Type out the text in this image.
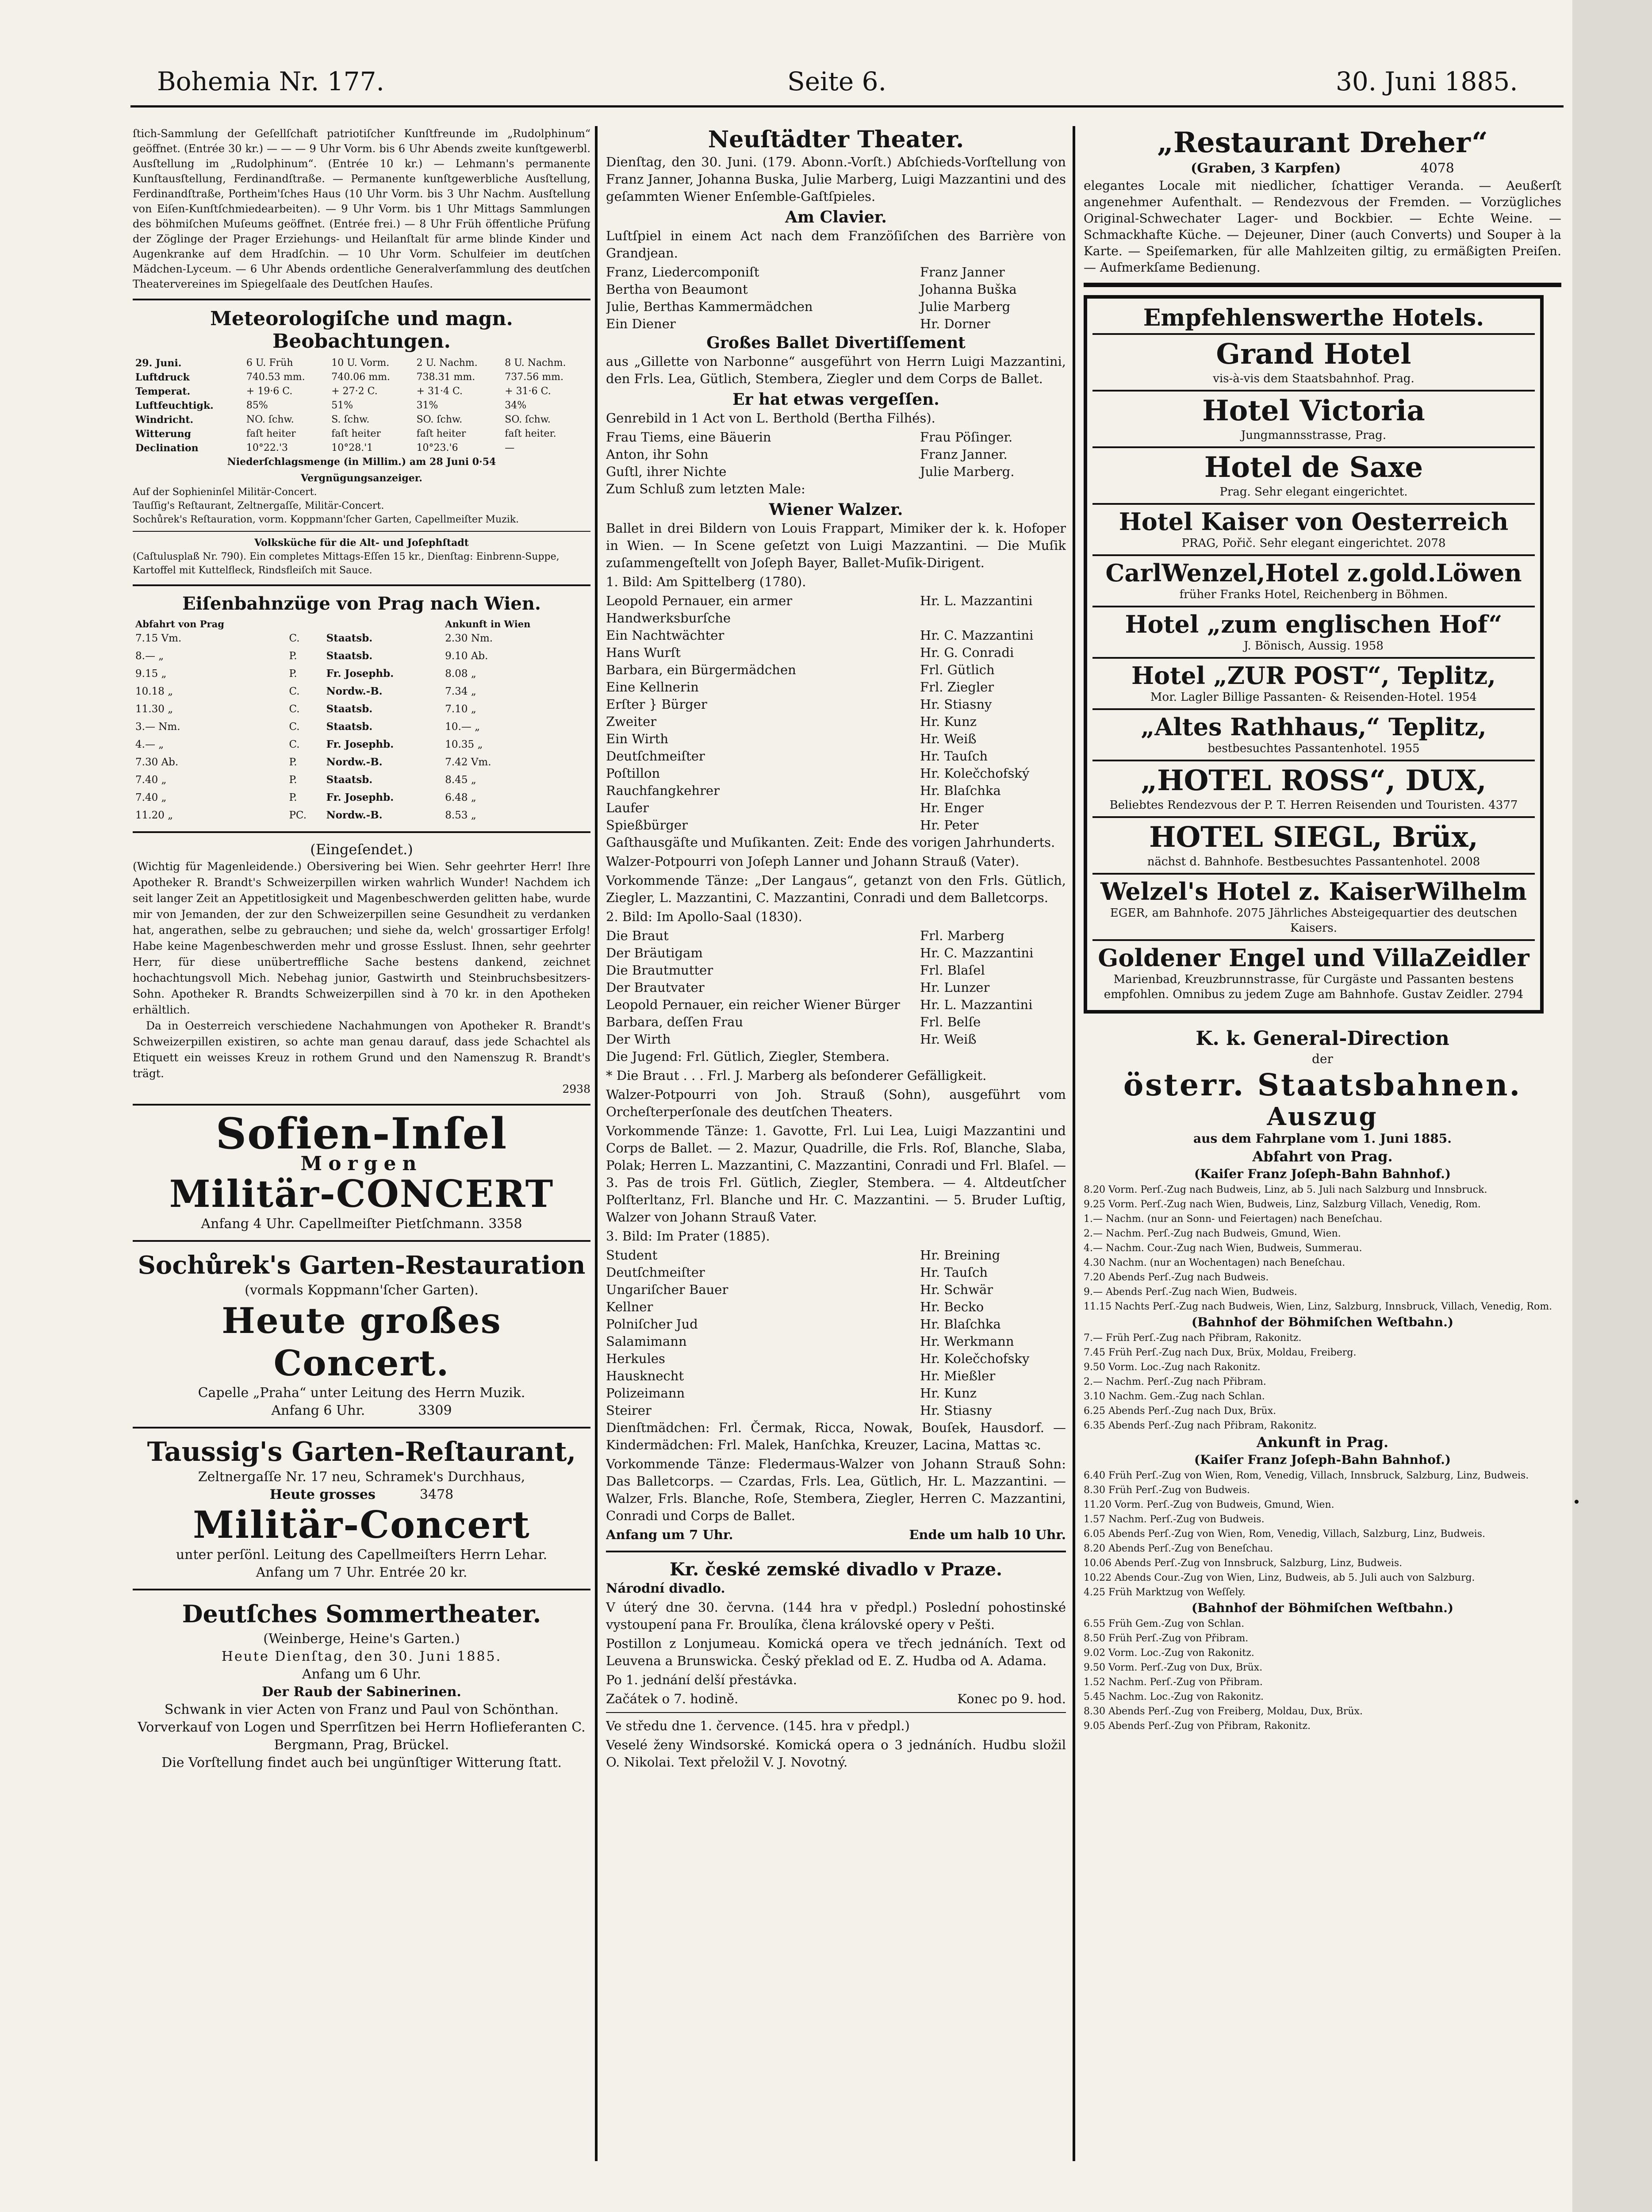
Bohemia Nr. 177.	Seite 6.	30. Juni 1885.
ſtich-Sammlung der Geſellſchaft patriotiſcher Kunſtfreunde im „Rudolphinum“ geöffnet. (Entrée 30 kr.) — — — 9 Uhr Vorm. bis 6 Uhr Abends zweite kunſtgewerbl. Ausſtellung im „Rudolphinum“. (Entrée 10 kr.) — Lehmann's permanente Kunſtausſtellung, Ferdinandſtraße. — Permanente kunſtgewerbliche Ausſtellung, Ferdinandſtraße, Portheim'ſches Haus (10 Uhr Vorm. bis 3 Uhr Nachm. Ausſtellung von Eiſen-Kunſtſchmiedearbeiten). — 9 Uhr Vorm. bis 1 Uhr Mittags Sammlungen des böhmiſchen Muſeums geöffnet. (Entrée frei.) — 8 Uhr Früh öffentliche Prüfung der Zöglinge der Prager Erziehungs- und Heilanſtalt für arme blinde Kinder und Augenkranke auf dem Hradſchin. — 10 Uhr Vorm. Schulfeier im deutſchen Mädchen-Lyceum. — 6 Uhr Abends ordentliche Generalverſammlung des deutſchen Theatervereines im Spiegelſaale des Deutſchen Hauſes.
Meteorologiſche und magn. Beobachtungen.
29. Juni.	6 U. Früh	10 U. Vorm.	2 U. Nachm.	8 U. Nachm.
Luftdruck	740.53 mm.	740.06 mm.	738.31 mm.	737.56 mm.
Temperat.	+ 19·6 C.	+ 27·2 C.	+ 31·4 C.	+ 31·6 C.
Luftfeuchtigk.	85%	51%	31%	34%
Windricht.	NO. ſchw.	S. ſchw.	SO. ſchw.	SO. ſchw.
Witterung	faſt heiter	faſt heiter	faſt heiter	faſt heiter.
Declination	10°22.'3	10°28.'1	10°23.'6	—
Niederſchlagsmenge (in Millim.) am 28 Juni 0·54
Vergnügungsanzeiger.
Auf der Sophieninſel Militär-Concert.
Tauſſig's Reſtaurant, Zeltnergaſſe, Militär-Concert.
Sochůrek's Reſtauration, vorm. Koppmann'ſcher Garten, Capellmeiſter Muzik.
Volksküche für die Alt- und Joſephſtadt
(Caſtulusplaß Nr. 790). Ein completes Mittags-Eſſen 15 kr., Dienſtag: Einbrenn-Suppe, Kartoffel mit Kuttelfleck, Rindsfleiſch mit Sauce.
Eiſenbahnzüge von Prag nach Wien.
Abfahrt von Prag			Ankunft in Wien
7.15 Vm.	C.	Staatsb.	2.30 Nm.
8.— „	P.	Staatsb.	9.10 Ab.
9.15 „	P.	Fr. Josephb.	8.08 „
10.18 „	C.	Nordw.-B.	7.34 „
11.30 „	C.	Staatsb.	7.10 „
3.— Nm.	C.	Staatsb.	10.— „
4.— „	C.	Fr. Josephb.	10.35 „
7.30 Ab.	P.	Nordw.-B.	7.42 Vm.
7.40 „	P.	Staatsb.	8.45 „
7.40 „	P.	Fr. Josephb.	6.48 „
11.20 „	PC.	Nordw.-B.	8.53 „
(Eingeſendet.)
(Wichtig für Magenleidende.) Obersivering bei Wien. Sehr geehrter Herr! Ihre Apotheker R. Brandt's Schweizerpillen wirken wahrlich Wunder! Nachdem ich seit langer Zeit an Appetitlosigkeit und Magenbeschwerden gelitten habe, wurde mir von Jemanden, der zur den Schweizerpillen seine Gesundheit zu verdanken hat, angerathen, selbe zu gebrauchen; und siehe da, welch' grossartiger Erfolg! Habe keine Magenbeschwerden mehr und grosse Esslust. Ihnen, sehr geehrter Herr, für diese unübertreffliche Sache bestens dankend, zeichnet hochachtungsvoll Mich. Nebehag junior, Gastwirth und Steinbruchsbesitzers-Sohn. Apotheker R. Brandts Schweizerpillen sind à 70 kr. in den Apotheken erhältlich.
Da in Oesterreich verschiedene Nachahmungen von Apotheker R. Brandt's Schweizerpillen existiren, so achte man genau darauf, dass jede Schachtel als Etiquett ein weisses Kreuz in rothem Grund und den Namenszug R. Brandt's trägt.
2938
Sofien-Inſel
Morgen
Militär-CONCERT
Anfang 4 Uhr. Capellmeiſter Pietſchmann. 3358
Sochůrek's Garten-Restauration
(vormals Koppmann'ſcher Garten).
Heute großes Concert.
Capelle „Praha“ unter Leitung des Herrn Muzik.
Anfang 6 Uhr.	3309
Taussig's Garten-Reſtaurant,
Zeltnergaſſe Nr. 17 neu, Schramek's Durchhaus,
Heute grosses	3478
Militär-Concert
unter perſönl. Leitung des Capellmeiſters Herrn Lehar.
Anfang um 7 Uhr. Entrée 20 kr.
Deutſches Sommertheater.
(Weinberge, Heine's Garten.)
Heute Dienſtag, den 30. Juni 1885.
Anfang um 6 Uhr.
Der Raub der Sabinerinen.
Schwank in vier Acten von Franz und Paul von Schönthan.
Vorverkauf von Logen und Sperrſitzen bei Herrn Hoflieferanten C. Bergmann, Prag, Brückel.
Die Vorſtellung findet auch bei ungünſtiger Witterung ſtatt.
Neuſtädter Theater.
Dienſtag, den 30. Juni. (179. Abonn.-Vorſt.) Abſchieds-Vorſtellung von Franz Janner, Johanna Buska, Julie Marberg, Luigi Mazzantini und des geſammten Wiener Enſemble-Gaſtſpieles.
Am Clavier.
Luſtſpiel in einem Act nach dem Franzöſiſchen des Barrière von Grandjean.
Franz, Liedercomponiſt	Franz Janner
Bertha von Beaumont	Johanna Buška
Julie, Berthas Kammermädchen	Julie Marberg
Ein Diener	Hr. Dorner
Großes Ballet Divertiſſement
aus „Gillette von Narbonne“ ausgeführt von Herrn Luigi Mazzantini, den Frls. Lea, Gütlich, Stembera, Ziegler und dem Corps de Ballet.
Er hat etwas vergeſſen.
Genrebild in 1 Act von L. Berthold (Bertha Filhés).
Frau Tiems, eine Bäuerin	Frau Pöſinger.
Anton, ihr Sohn	Franz Janner.
Guſtl, ihrer Nichte	Julie Marberg.
Zum Schluß zum letzten Male:
Wiener Walzer.
Ballet in drei Bildern von Louis Frappart, Mimiker der k. k. Hofoper in Wien. — In Scene geſetzt von Luigi Mazzantini. — Die Muſik zuſammengeſtellt von Joſeph Bayer, Ballet-Muſik-Dirigent.
1. Bild: Am Spittelberg (1780).
Leopold Pernauer, ein armer Handwerksburſche
Hr. L. Mazzantini
Ein Nachtwächter	Hr. C. Mazzantini
Hans Wurſt	Hr. G. Conradi
Barbara, ein Bürgermädchen	Frl. Gütlich
Eine Kellnerin	Frl. Ziegler
Erſter } Bürger	Hr. Stiasny
Zweiter	Hr. Kunz
Ein Wirth	Hr. Weiß
Deutſchmeiſter	Hr. Tauſch
Poſtillon	Hr. Kolečchofský
Rauchfangkehrer	Hr. Blaſchka
Laufer	Hr. Enger
Spießbürger	Hr. Peter
Gaſthausgäſte und Muſikanten. Zeit: Ende des vorigen Jahrhunderts.
Walzer-Potpourri von Joſeph Lanner und Johann Strauß (Vater).
Vorkommende Tänze: „Der Langaus“, getanzt von den Frls. Gütlich, Ziegler, L. Mazzantini, C. Mazzantini, Conradi und dem Balletcorps.
2. Bild: Im Apollo-Saal (1830).
Die Braut	Frl. Marberg
Der Bräutigam	Hr. C. Mazzantini
Die Brautmutter	Frl. Blaſel
Der Brautvater	Hr. Lunzer
Leopold Pernauer, ein reicher Wiener Bürger	Hr. L. Mazzantini
Barbara, deſſen Frau	Frl. Belſe
Der Wirth	Hr. Weiß
Die Jugend: Frl. Gütlich, Ziegler, Stembera.
* Die Braut . . . Frl. J. Marberg als beſonderer Gefälligkeit.
Walzer-Potpourri von Joh. Strauß (Sohn), ausgeführt vom Orcheſterperſonale des deutſchen Theaters.
Vorkommende Tänze: 1. Gavotte, Frl. Lui Lea, Luigi Mazzantini und Corps de Ballet. — 2. Mazur, Quadrille, die Frls. Roſ, Blanche, Slaba, Polak; Herren L. Mazzantini, C. Mazzantini, Conradi und Frl. Blaſel. — 3. Pas de trois Frl. Gütlich, Ziegler, Stembera. — 4. Altdeutſcher Polſterltanz, Frl. Blanche und Hr. C. Mazzantini. — 5. Bruder Luſtig, Walzer von Johann Strauß Vater.
3. Bild: Im Prater (1885).
Student	Hr. Breining
Deutſchmeiſter	Hr. Tauſch
Ungariſcher Bauer	Hr. Schwär
Kellner	Hr. Becko
Polniſcher Jud	Hr. Blaſchka
Salamimann	Hr. Werkmann
Herkules	Hr. Kolečchofsky
Hausknecht	Hr. Mießler
Polizeimann	Hr. Kunz
Steirer	Hr. Stiasny
Dienſtmädchen: Frl. Čermak, Ricca, Nowak, Bouſek, Hausdorf. — Kindermädchen: Frl. Malek, Hanſchka, Kreuzer, Lacina, Mattas ꝛc.
Vorkommende Tänze: Fledermaus-Walzer von Johann Strauß Sohn: Das Balletcorps. — Czardas, Frls. Lea, Gütlich, Hr. L. Mazzantini. — Walzer, Frls. Blanche, Roſe, Stembera, Ziegler, Herren C. Mazzantini, Conradi und Corps de Ballet.
Anfang um 7 Uhr.	Ende um halb 10 Uhr.
Kr. české zemské divadlo v Praze.
Národní divadlo.
V úterý dne 30. června. (144 hra v předpl.) Poslední pohostinské vystoupení pana Fr. Broulíka, člena královské opery v Pešti.
Postillon z Lonjumeau. Komická opera ve třech jednáních. Text od Leuvena a Brunswicka. Český překlad od E. Z. Hudba od A. Adama.
Po 1. jednání delší přestávka.
Začátek o 7. hodině.	Konec po 9. hod.
Ve středu dne 1. července. (145. hra v předpl.)
Veselé ženy Windsorské. Komická opera o 3 jednáních. Hudbu složil O. Nikolai. Text přeložil V. J. Novotný.
„Restaurant Dreher“
(Graben, 3 Karpfen)	4078
elegantes Locale mit niedlicher, ſchattiger Veranda. — Aeußerſt angenehmer Aufenthalt. — Rendezvous der Fremden. — Vorzügliches Original-Schwechater Lager- und Bockbier. — Echte Weine. — Schmackhafte Küche. — Dejeuner, Diner (auch Converts) und Souper à la Karte. — Speiſemarken, für alle Mahlzeiten giltig, zu ermäßigten Preiſen. — Aufmerkſame Bedienung.
Empfehlenswerthe Hotels.
Grand Hotel
vis-à-vis dem Staatsbahnhof. Prag.
Hotel Victoria
Jungmannsstrasse, Prag.
Hotel de Saxe
Prag. Sehr elegant eingerichtet.
Hotel Kaiser von Oesterreich
PRAG, Pořič. Sehr elegant eingerichtet. 2078
CarlWenzel,Hotel z.gold.Löwen
früher Franks Hotel, Reichenberg in Böhmen.
Hotel „zum englischen Hof“
J. Bönisch, Aussig. 1958
Hotel „ZUR POST“, Teplitz,
Mor. Lagler Billige Passanten- & Reisenden-Hotel. 1954
„Altes Rathhaus,“ Teplitz,
bestbesuchtes Passantenhotel. 1955
„HOTEL ROSS“, DUX,
Beliebtes Rendezvous der P. T. Herren Reisenden und Touristen. 4377
HOTEL SIEGL, Brüx,
nächst d. Bahnhofe. Bestbesuchtes Passantenhotel. 2008
Welzel's Hotel z. KaiserWilhelm
EGER, am Bahnhofe. 2075 Jährliches Absteigequartier des deutschen Kaisers.
Goldener Engel und VillaZeidler
Marienbad, Kreuzbrunnstrasse, für Curgäste und Passanten bestens empfohlen. Omnibus zu jedem Zuge am Bahnhofe. Gustav Zeidler. 2794
K. k. General-Direction
der
österr. Staatsbahnen.
Auszug
aus dem Fahrplane vom 1. Juni 1885.
Abfahrt von Prag.
(Kaiſer Franz Joſeph-Bahn Bahnhof.)
8.20 Vorm. Perſ.-Zug nach Budweis, Linz, ab 5. Juli nach Salzburg und Innsbruck.
9.25 Vorm. Perſ.-Zug nach Wien, Budweis, Linz, Salzburg Villach, Venedig, Rom.
1.— Nachm. (nur an Sonn- und Feiertagen) nach Beneſchau.
2.— Nachm. Perſ.-Zug nach Budweis, Gmund, Wien.
4.— Nachm. Cour.-Zug nach Wien, Budweis, Summerau.
4.30 Nachm. (nur an Wochentagen) nach Beneſchau.
7.20 Abends Perſ.-Zug nach Budweis.
9.— Abends Perſ.-Zug nach Wien, Budweis.
11.15 Nachts Perſ.-Zug nach Budweis, Wien, Linz, Salzburg, Innsbruck, Villach, Venedig, Rom.
(Bahnhof der Böhmiſchen Weſtbahn.)
7.— Früh Perſ.-Zug nach Přibram, Rakonitz.
7.45 Früh Perſ.-Zug nach Dux, Brüx, Moldau, Freiberg.
9.50 Vorm. Loc.-Zug nach Rakonitz.
2.— Nachm. Perſ.-Zug nach Přibram.
3.10 Nachm. Gem.-Zug nach Schlan.
6.25 Abends Perſ.-Zug nach Dux, Brüx.
6.35 Abends Perſ.-Zug nach Přibram, Rakonitz.
Ankunft in Prag.
(Kaiſer Franz Joſeph-Bahn Bahnhof.)
6.40 Früh Perſ.-Zug von Wien, Rom, Venedig, Villach, Innsbruck, Salzburg, Linz, Budweis.
8.30 Früh Perſ.-Zug von Budweis.
11.20 Vorm. Perſ.-Zug von Budweis, Gmund, Wien.
1.57 Nachm. Perſ.-Zug von Budweis.
6.05 Abends Perſ.-Zug von Wien, Rom, Venedig, Villach, Salzburg, Linz, Budweis.
8.20 Abends Perſ.-Zug von Beneſchau.
10.06 Abends Perſ.-Zug von Innsbruck, Salzburg, Linz, Budweis.
10.22 Abends Cour.-Zug von Wien, Linz, Budweis, ab 5. Juli auch von Salzburg.
4.25 Früh Marktzug von Weſſely.
(Bahnhof der Böhmiſchen Weſtbahn.)
6.55 Früh Gem.-Zug von Schlan.
8.50 Früh Perſ.-Zug von Přibram.
9.02 Vorm. Loc.-Zug von Rakonitz.
9.50 Vorm. Perſ.-Zug von Dux, Brüx.
1.52 Nachm. Perſ.-Zug von Přibram.
5.45 Nachm. Loc.-Zug von Rakonitz.
8.30 Abends Perſ.-Zug von Freiberg, Moldau, Dux, Brüx.
9.05 Abends Perſ.-Zug von Přibram, Rakonitz.
